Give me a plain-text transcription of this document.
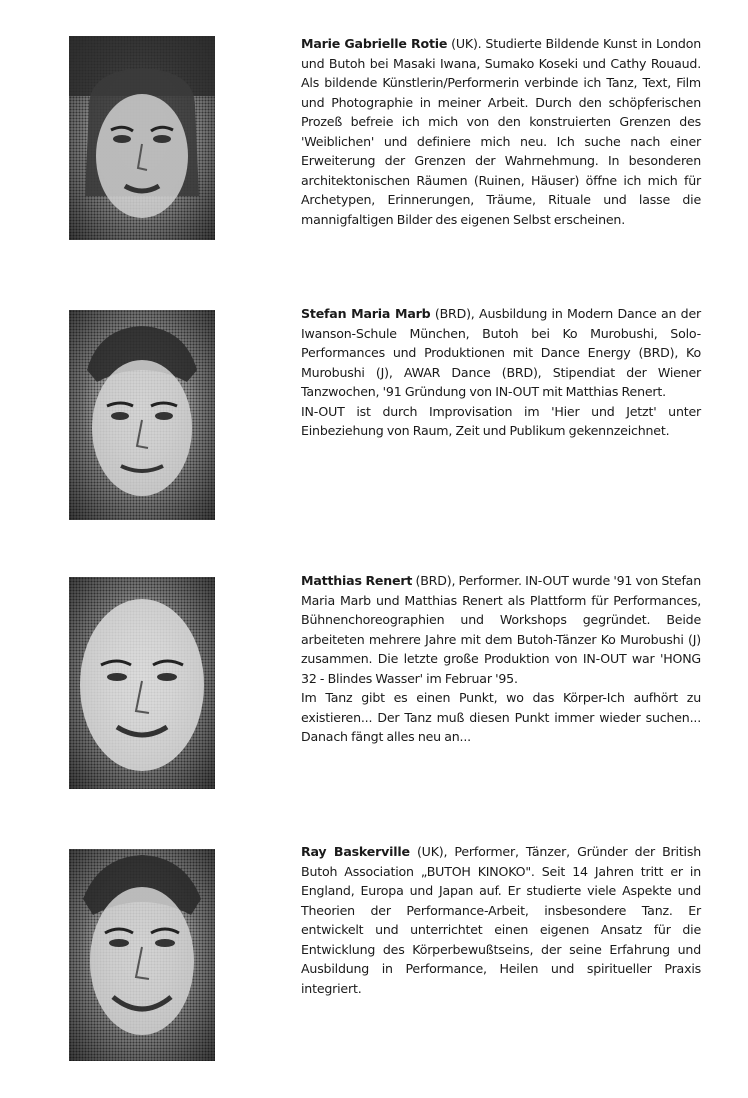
Marie Gabrielle Rotie (UK). Studierte Bildende Kunst in London und Butoh bei Masaki Iwana, Sumako Koseki und Cathy Rouaud. Als bildende Künstlerin/Performerin verbinde ich Tanz, Text, Film und Photographie in meiner Arbeit. Durch den schöpferischen Prozeß befreie ich mich von den konstruierten Grenzen des 'Weiblichen' und definiere mich neu. Ich suche nach einer Erweiterung der Grenzen der Wahrnehmung. In besonderen architektonischen Räumen (Ruinen, Häuser) öffne ich mich für Archetypen, Erinnerungen, Träume, Rituale und lasse die mannigfaltigen Bilder des eigenen Selbst erscheinen.

Stefan Maria Marb (BRD), Ausbildung in Modern Dance an der Iwanson-Schule München, Butoh bei Ko Murobushi, Solo-Performances und Produktionen mit Dance Energy (BRD), Ko Murobushi (J), AWAR Dance (BRD), Stipendiat der Wiener Tanzwochen, '91 Gründung von IN-OUT mit Matthias Renert.
IN-OUT ist durch Improvisation im 'Hier und Jetzt' unter Einbeziehung von Raum, Zeit und Publikum gekennzeichnet.

Matthias Renert (BRD), Performer. IN-OUT wurde '91 von Stefan Maria Marb und Matthias Renert als Plattform für Performances, Bühnenchoreographien und Workshops gegründet. Beide arbeiteten mehrere Jahre mit dem Butoh-Tänzer Ko Murobushi (J) zusammen. Die letzte große Produktion von IN-OUT war 'HONG 32 - Blindes Wasser' im Februar '95.
Im Tanz gibt es einen Punkt, wo das Körper-Ich aufhört zu existieren... Der Tanz muß diesen Punkt immer wieder suchen... Danach fängt alles neu an...

Ray Baskerville (UK), Performer, Tänzer, Gründer der British Butoh Association „BUTOH KINOKO". Seit 14 Jahren tritt er in England, Europa und Japan auf. Er studierte viele Aspekte und Theorien der Performance-Arbeit, insbesondere Tanz. Er entwickelt und unterrichtet einen eigenen Ansatz für die Entwicklung des Körperbewußtseins, der seine Erfahrung und Ausbildung in Performance, Heilen und spiritueller Praxis integriert.
